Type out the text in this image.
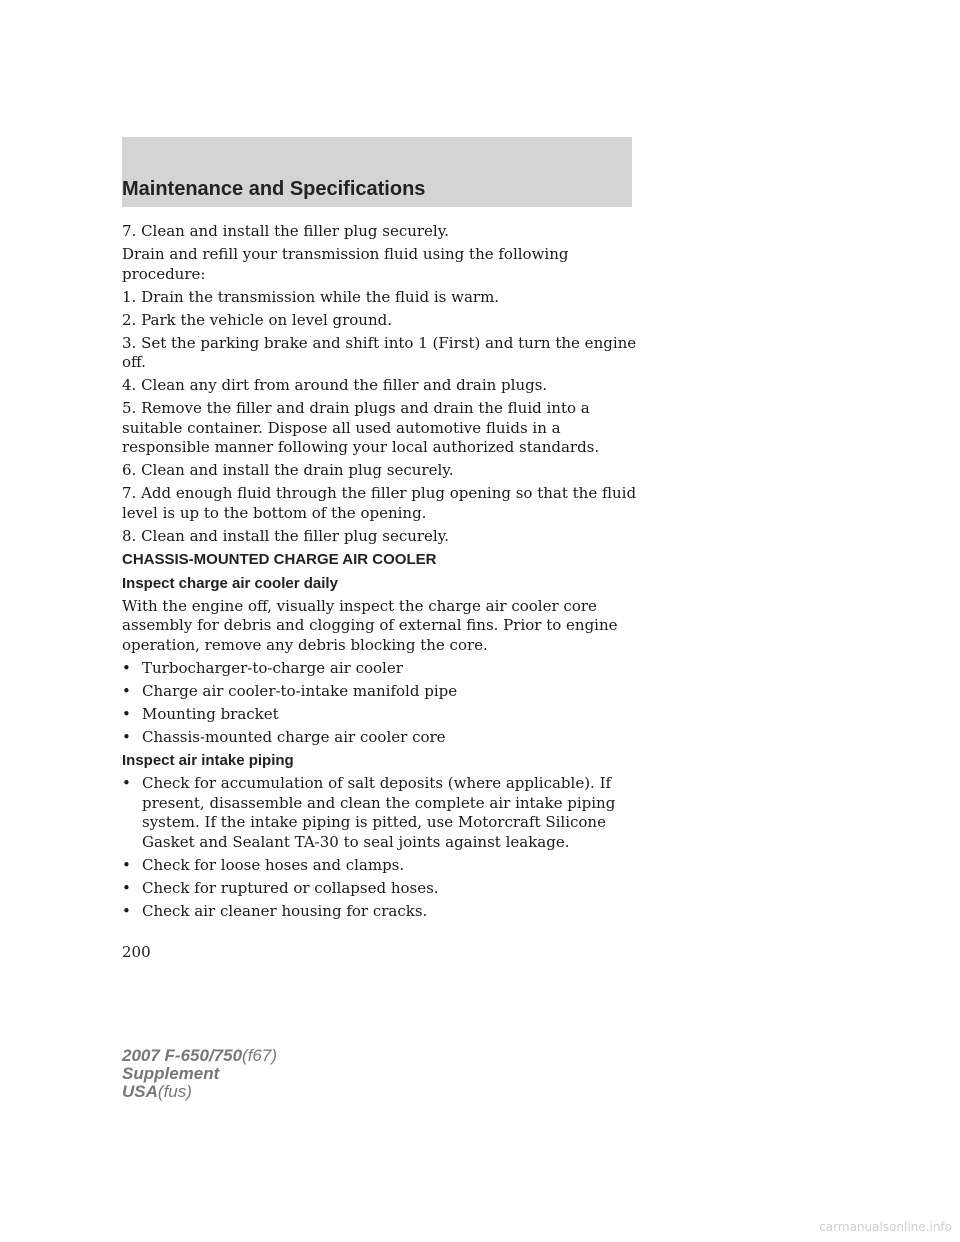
Maintenance and Specifications

7. Clean and install the filler plug securely.

Drain and refill your transmission fluid using the following procedure:

1. Drain the transmission while the fluid is warm.

2. Park the vehicle on level ground.

3. Set the parking brake and shift into 1 (First) and turn the engine off.

4. Clean any dirt from around the filler and drain plugs.

5. Remove the filler and drain plugs and drain the fluid into a suitable container. Dispose all used automotive fluids in a responsible manner following your local authorized standards.

6. Clean and install the drain plug securely.

7. Add enough fluid through the filler plug opening so that the fluid level is up to the bottom of the opening.

8. Clean and install the filler plug securely.

CHASSIS-MOUNTED CHARGE AIR COOLER

Inspect charge air cooler daily

With the engine off, visually inspect the charge air cooler core assembly for debris and clogging of external fins. Prior to engine operation, remove any debris blocking the core.

• Turbocharger-to-charge air cooler
• Charge air cooler-to-intake manifold pipe
• Mounting bracket
• Chassis-mounted charge air cooler core

Inspect air intake piping

• Check for accumulation of salt deposits (where applicable). If present, disassemble and clean the complete air intake piping system. If the intake piping is pitted, use Motorcraft Silicone Gasket and Sealant TA-30 to seal joints against leakage.
• Check for loose hoses and clamps.
• Check for ruptured or collapsed hoses.
• Check air cleaner housing for cracks.
200
2007 F-650/750(f67)
Supplement
USA(fus)
carmanualsonline.info
